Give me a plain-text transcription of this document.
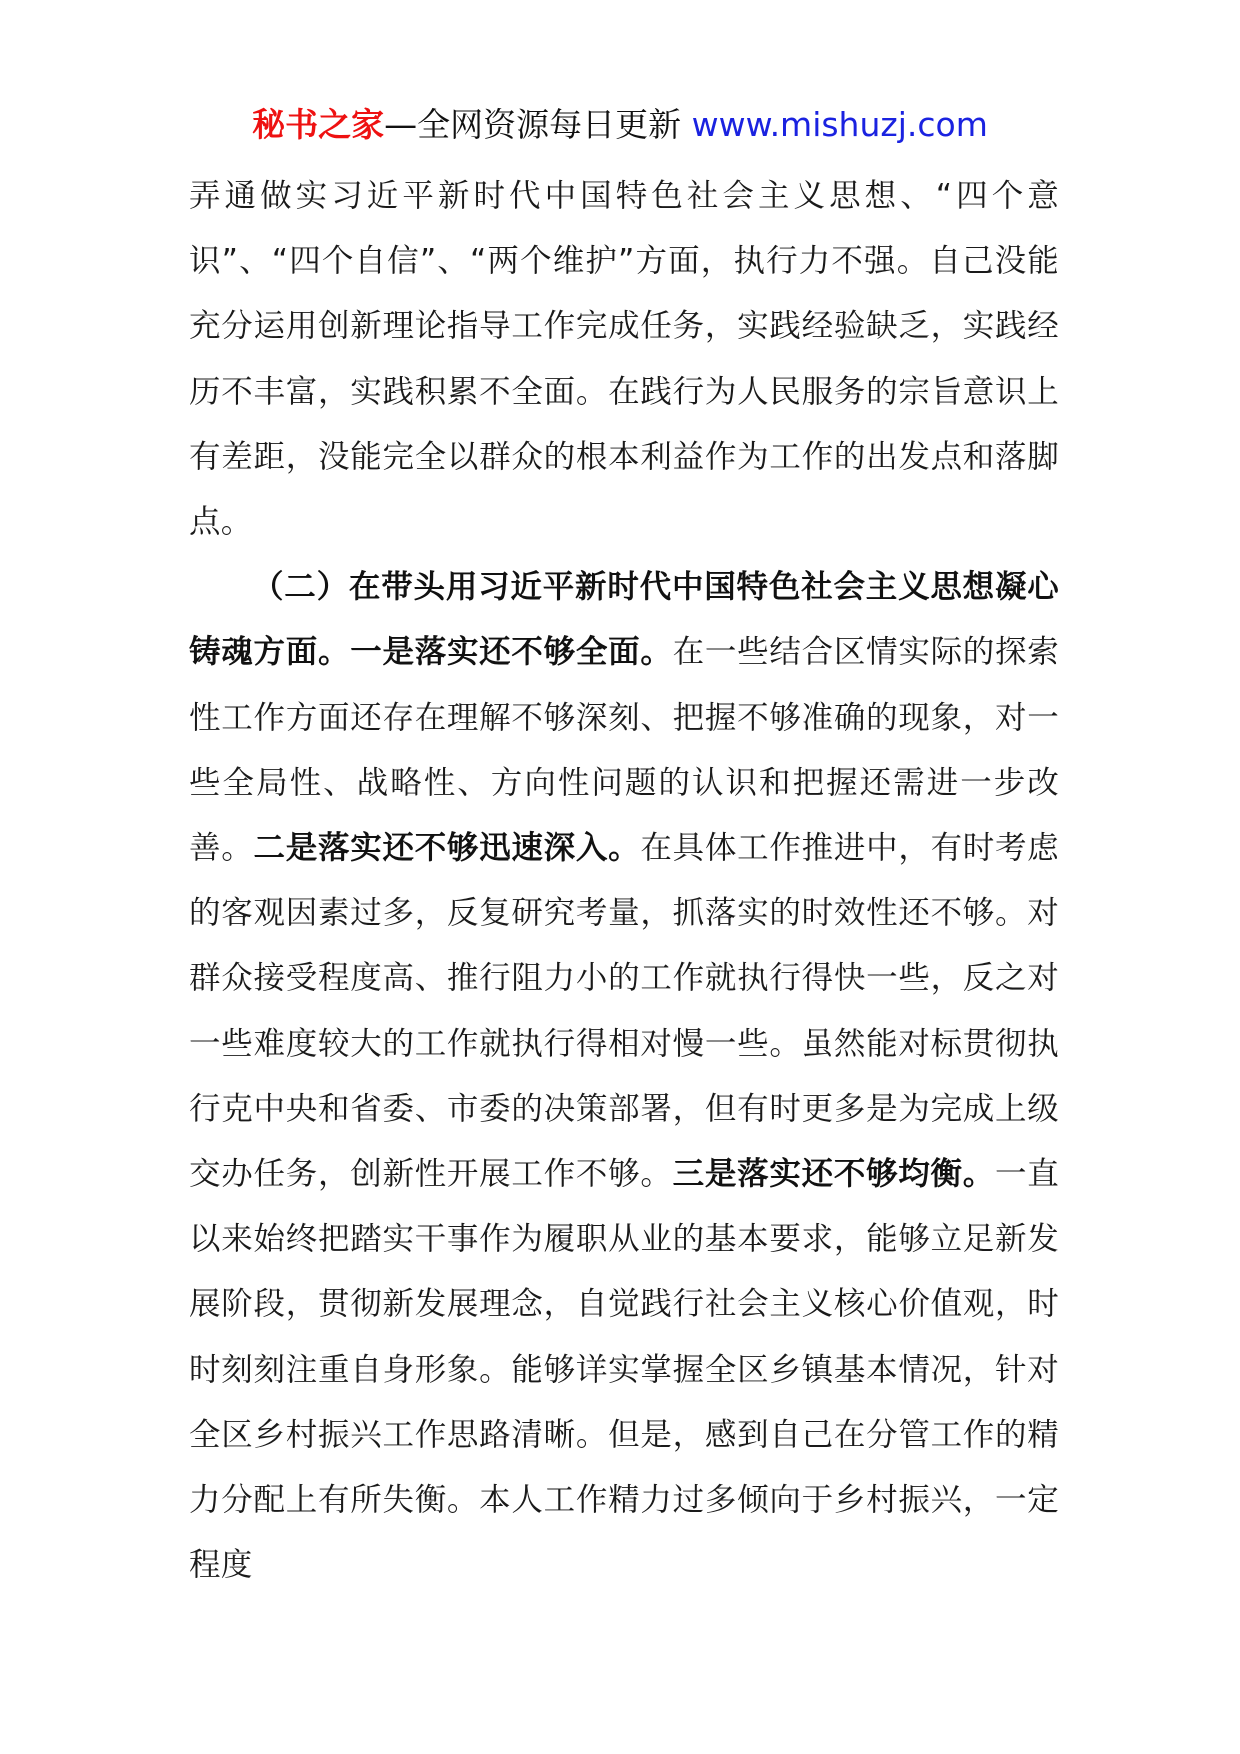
秘书之家—全网资源每日更新 www.mishuzj.com

弄通做实习近平新时代中国特色社会主义思想、“四个意识”、“四个自信”、“两个维护”方面，执行力不强。自己没能充分运用创新理论指导工作完成任务，实践经验缺乏，实践经历不丰富，实践积累不全面。在践行为人民服务的宗旨意识上有差距，没能完全以群众的根本利益作为工作的出发点和落脚点。

（二）在带头用习近平新时代中国特色社会主义思想凝心铸魂方面。一是落实还不够全面。在一些结合区情实际的探索性工作方面还存在理解不够深刻、把握不够准确的现象，对一些全局性、战略性、方向性问题的认识和把握还需进一步改善。二是落实还不够迅速深入。在具体工作推进中，有时考虑的客观因素过多，反复研究考量，抓落实的时效性还不够。对群众接受程度高、推行阻力小的工作就执行得快一些，反之对一些难度较大的工作就执行得相对慢一些。虽然能对标贯彻执行克中央和省委、市委的决策部署，但有时更多是为完成上级交办任务，创新性开展工作不够。三是落实还不够均衡。一直以来始终把踏实干事作为履职从业的基本要求，能够立足新发展阶段，贯彻新发展理念，自觉践行社会主义核心价值观，时时刻刻注重自身形象。能够详实掌握全区乡镇基本情况，针对全区乡村振兴工作思路清晰。但是，感到自己在分管工作的精力分配上有所失衡。本人工作精力过多倾向于乡村振兴，一定程度
